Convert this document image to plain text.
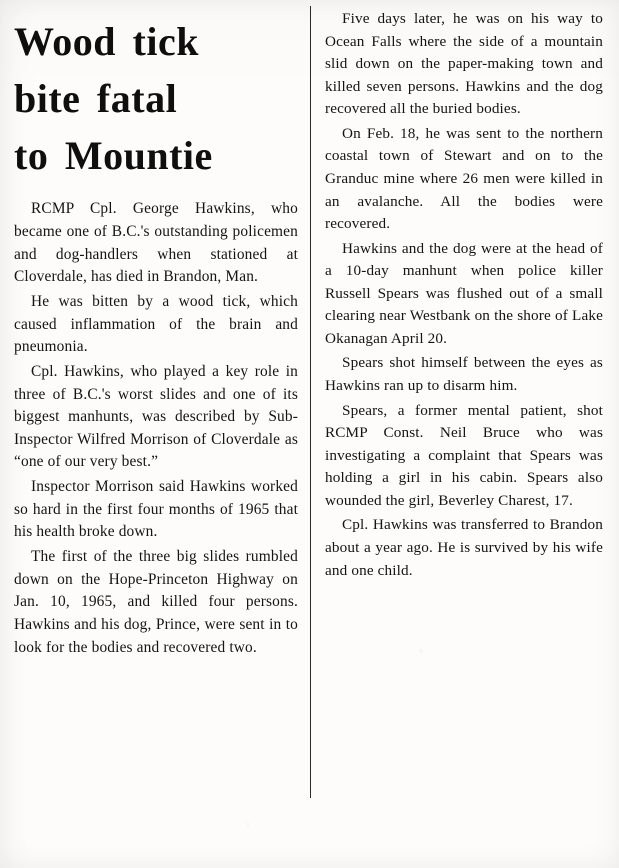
Wood tick
bite fatal
to Mountie

RCMP Cpl. George Hawkins, who became one of B.C.'s outstanding policemen and dog-handlers when stationed at Cloverdale, has died in Brandon, Man.

He was bitten by a wood tick, which caused inflammation of the brain and pneumonia.

Cpl. Hawkins, who played a key role in three of B.C.'s worst slides and one of its biggest manhunts, was described by Sub-Inspector Wilfred Morrison of Cloverdale as “one of our very best.”

Inspector Morrison said Hawkins worked so hard in the first four months of 1965 that his health broke down.

The first of the three big slides rumbled down on the Hope-Princeton Highway on Jan. 10, 1965, and killed four persons. Hawkins and his dog, Prince, were sent in to look for the bodies and recovered two.

Five days later, he was on his way to Ocean Falls where the side of a mountain slid down on the paper-making town and killed seven persons. Hawkins and the dog recovered all the buried bodies.

On Feb. 18, he was sent to the northern coastal town of Stewart and on to the Granduc mine where 26 men were killed in an avalanche. All the bodies were recovered.

Hawkins and the dog were at the head of a 10-day manhunt when police killer Russell Spears was flushed out of a small clearing near Westbank on the shore of Lake Okanagan April 20.

Spears shot himself between the eyes as Hawkins ran up to disarm him.

Spears, a former mental patient, shot RCMP Const. Neil Bruce who was investigating a complaint that Spears was holding a girl in his cabin. Spears also wounded the girl, Beverley Charest, 17.

Cpl. Hawkins was transferred to Brandon about a year ago. He is survived by his wife and one child.
